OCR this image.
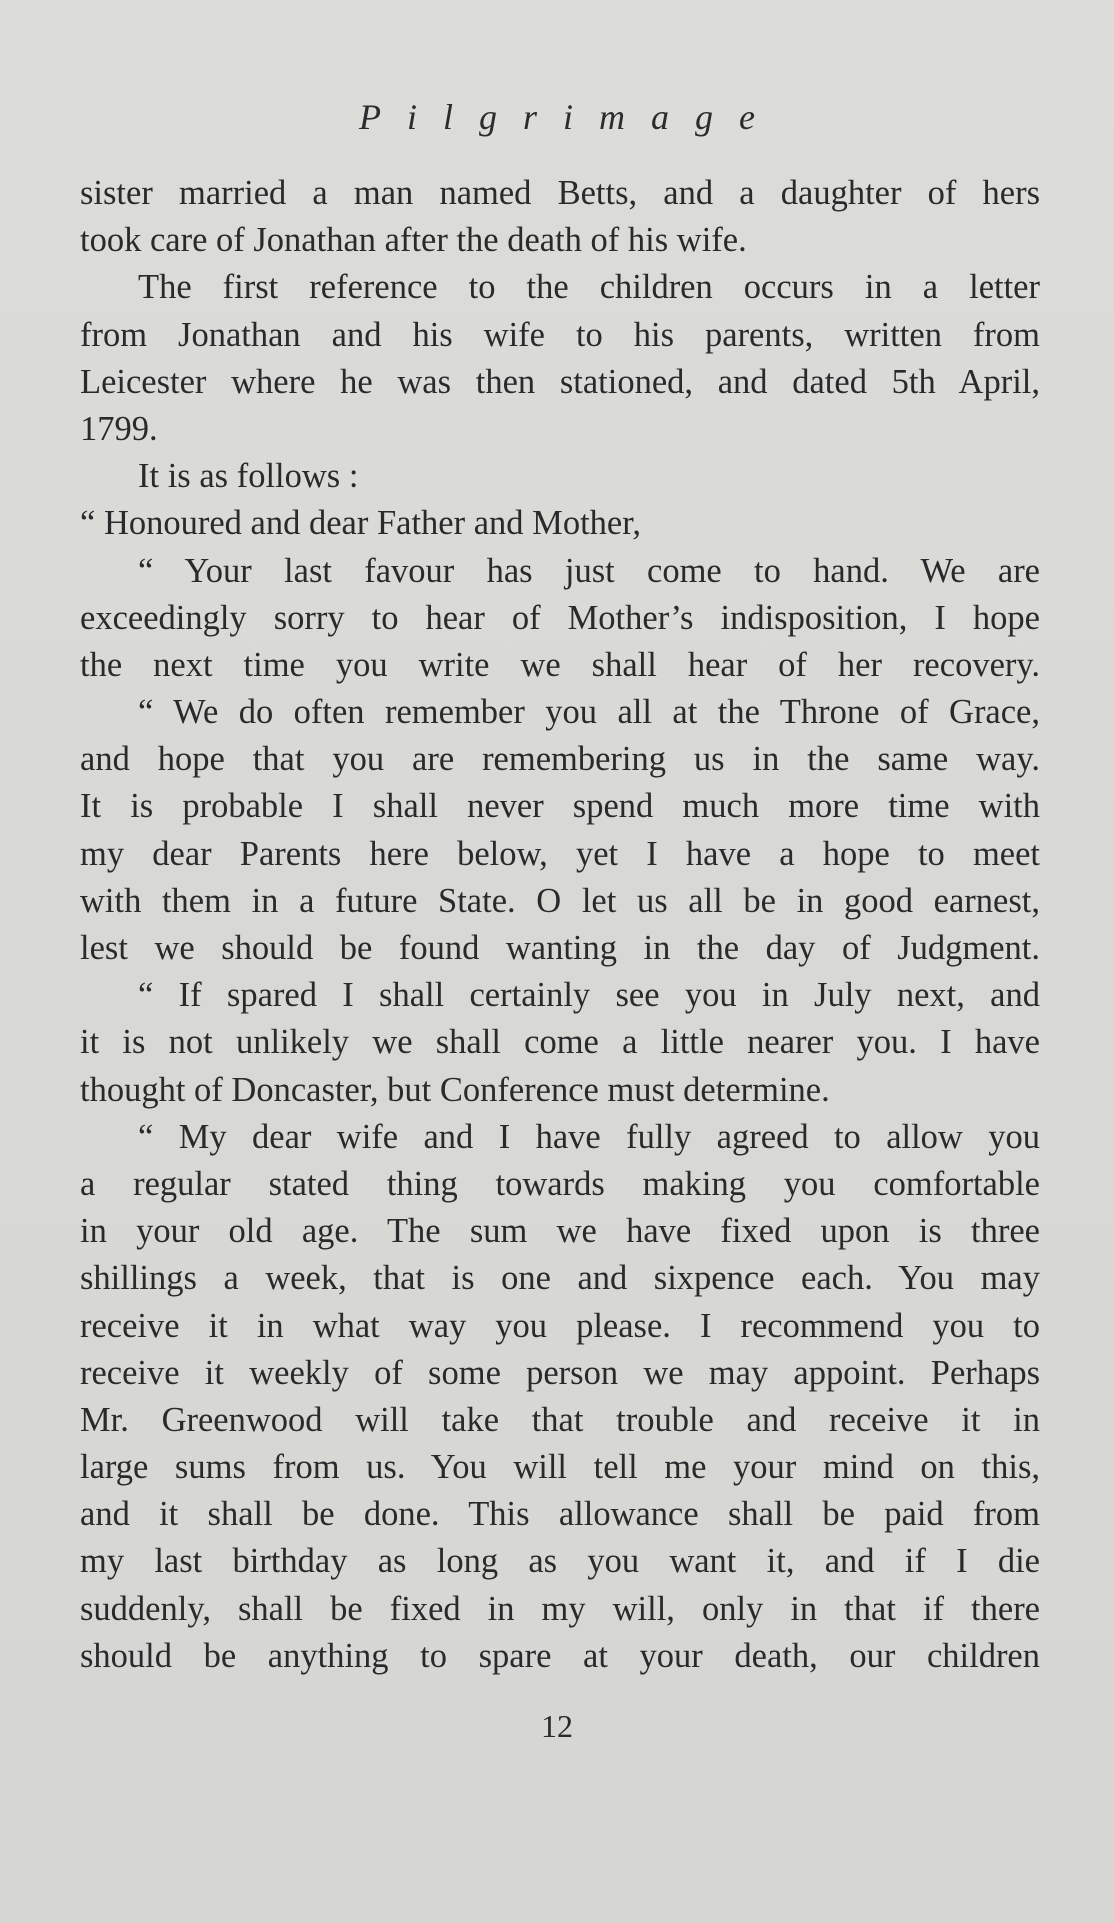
Pilgrimage
sister married a man named Betts, and a daughter of hers
took care of Jonathan after the death of his wife.
The first reference to the children occurs in a letter
from Jonathan and his wife to his parents, written from
Leicester where he was then stationed, and dated 5th April,
1799.
It is as follows :
“ Honoured and dear Father and Mother,
“ Your last favour has just come to hand. We are
exceedingly sorry to hear of Mother’s indisposition, I hope
the next time you write we shall hear of her recovery.
“ We do often remember you all at the Throne of Grace,
and hope that you are remembering us in the same way.
It is probable I shall never spend much more time with
my dear Parents here below, yet I have a hope to meet
with them in a future State. O let us all be in good earnest,
lest we should be found wanting in the day of Judgment.
“ If spared I shall certainly see you in July next, and
it is not unlikely we shall come a little nearer you. I have
thought of Doncaster, but Conference must determine.
“ My dear wife and I have fully agreed to allow you
a regular stated thing towards making you comfortable
in your old age. The sum we have fixed upon is three
shillings a week, that is one and sixpence each. You may
receive it in what way you please. I recommend you to
receive it weekly of some person we may appoint. Perhaps
Mr. Greenwood will take that trouble and receive it in
large sums from us. You will tell me your mind on this,
and it shall be done. This allowance shall be paid from
my last birthday as long as you want it, and if I die
suddenly, shall be fixed in my will, only in that if there
should be anything to spare at your death, our children
12
